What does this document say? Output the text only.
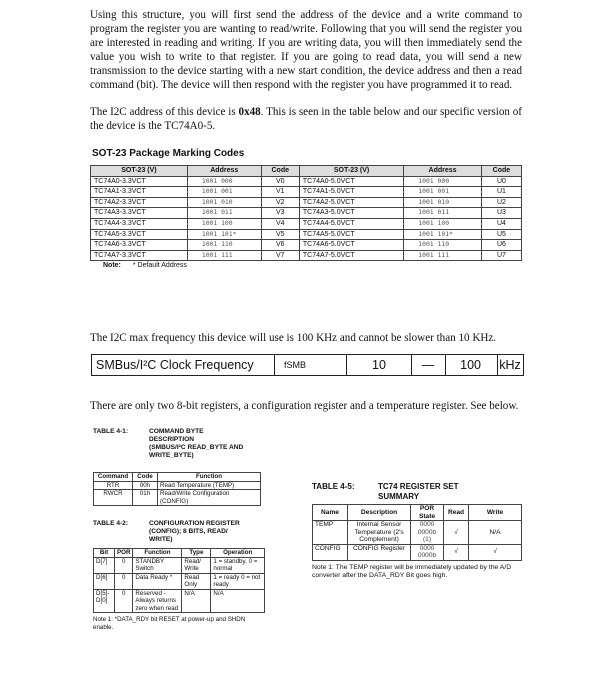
Using this structure, you will first send the address of the device and a write command to program the register you are wanting to read/write. Following that you will send the register you are interested in reading and writing. If you are writing data, you will then immediately send the value you wish to write to that register. If you are going to read data, you will send a new transmission to the device starting with a new start condition, the device address and then a read command (bit). The device will then respond with the register you have programmed it to read.
The I2C address of this device is 0x48. This is seen in the table below and our specific version of the device is the TC74A0-5.
SOT-23 Package Marking Codes
SOT-23 (V)	Address	Code	SOT-23 (V)	Address	Code
TC74A0-3.3VCT	1001 000	V0	TC74A0-5.0VCT	1001 000	U0
TC74A1-3.3VCT	1001 001	V1	TC74A1-5.0VCT	1001 001	U1
TC74A2-3.3VCT	1001 010	V2	TC74A2-5.0VCT	1001 010	U2
TC74A3-3.3VCT	1001 011	V3	TC74A3-5.0VCT	1001 011	U3
TC74A4-3.3VCT	1001 100	V4	TC74A4-5.0VCT	1001 100	U4
TC74A5-3.3VCT	1001 101*	V5	TC74A5-5.0VCT	1001 101*	U5
TC74A6-3.3VCT	1001 110	V6	TC74A6-5.0VCT	1001 110	U6
TC74A7-3.3VCT	1001 111	V7	TC74A7-5.0VCT	1001 111	U7
Note: * Default Address
The I2C max frequency this device will use is 100 KHz and cannot be slower than 10 KHz.
SMBus/I²C Clock Frequency	fSMB	10	—	100	kHz
There are only two 8-bit registers, a configuration register and a temperature register. See below.
TABLE 4-1:	COMMAND BYTE
DESCRIPTION
(SMBUS/I²C READ_BYTE AND
WRITE_BYTE)
Command	Code	Function
RTR	00h	Read Temperature (TEMP)
RWCR	01h	Read/Write Configuration (CONFIG)
TABLE 4-2:	CONFIGURATION REGISTER
(CONFIG); 8 BITS, READ/
WRITE)
Bit	POR	Function	Type	Operation
D[7]	0	STANDBY Switch	Read/ Write	1 = standby, 0 = normal
D[6]	0	Data Ready *	Read Only	1 = ready 0 = not ready
D[5]- D[0]	0	Reserved - Always returns zero when read	N/A	N/A
Note 1: *DATA_RDY bit RESET at power-up and SHDN enable.
TABLE 4-5:	TC74 REGISTER SET
SUMMARY
Name	Description	POR State	Read	Write
TEMP	Internal Sensor Temperature (2's Complement)	0000 0000b (1)	√	N/A
CONFIG	CONFIG Register	0000 0000b	√	√
Note 1: The TEMP register will be immediately updated by the A/D converter after the DATA_RDY Bit goes high.
